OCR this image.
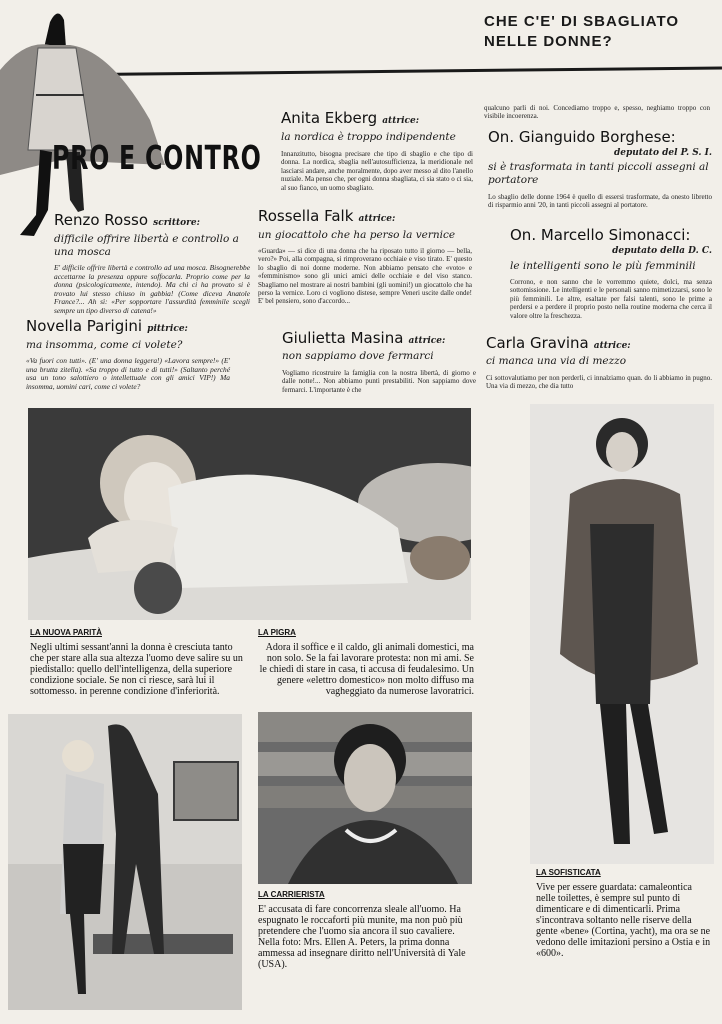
CHE C'E' DI SBAGLIATO
NELLE DONNE?
PRO E CONTRO
Renzo Rosso scrittore:
difficile offrire libertà e controllo a una mosca
E' difficile offrire libertà e controllo ad una mosca. Bisognerebbe accettarne la presenza oppure soffocarla. Proprio come per la donna (psicologicamente, intendo). Ma chi ci ha provato si è trovato lui stesso chiuso in gabbia! (Come diceva Anatole France?... Ah sì: «Per sopportare l'assurdità femminile scegli sempre un tipo diverso di catena!»
Novella Parigini pittrice:
ma insomma, come ci volete?
«Va fuori con tutti». (E' una donna leggera!) «Lavora sempre!» (E' una brutta zitella). «Sa troppo di tutto e di tutti!» (Saltanto perché usa un tono salottiero o intellettuale con gli amici VIP!) Ma insomma, uomini cari, come ci volete?
Anita Ekberg attrice:
la nordica è troppo indipendente
Innanzitutto, bisogna precisare che tipo di sbaglio e che tipo di donna. La nordica, sbaglia nell'autosufficienza, la meridionale nel lasciarsi andare, anche moralmente, dopo aver messo al dito l'anello nuziale. Ma penso che, per ogni donna sbagliata, ci sia stato o ci sia, al suo fianco, un uomo sbagliato.
Rossella Falk attrice:
un giocattolo che ha perso la vernice
«Guarda» — si dice di una donna che ha riposato tutto il giorno — bella, vero?» Poi, alla compagna, si rimproverano occhiaie e viso tirato. E' questo lo sbaglio di noi donne moderne. Non abbiamo pensato che «voto» e «femminismo» sono gli unici amici delle occhiaie e del viso stanco. Sbagliamo nel mostrare ai nostri bambini (gli uomini!) un giocattolo che ha perso la vernice. Loro ci vogliono distese, sempre Veneri uscite dalle onde! E' bel pensiero, sono d'accordo...
Giulietta Masina attrice:
non sappiamo dove fermarci
Vogliamo ricostruire la famiglia con la nostra libertà, di giorno e dalle notte!... Non abbiamo punti prestabiliti. Non sappiamo dove fermarci. L'importante è che
qualcuno parli di noi. Concediamo troppo e, spesso, neghiamo troppo con visibile incoerenza.
On. Gianguido Borghese:
deputato del P. S. I.
si è trasformata in tanti piccoli assegni al portatore
Lo sbaglio delle donne 1964 è quello di essersi trasformate, da onesto libretto di risparmio anni '20, in tanti piccoli assegni al portatore.
On. Marcello Simonacci:
deputato della D. C.
le intelligenti sono le più femminili
Corrono, e non sanno che le vorremmo quiete, dolci, ma senza sottomissione. Le intelligenti e le personali sanno mimetizzarsi, sono le più femminili. Le altre, esaltate per falsi talenti, sono le prime a perdersi e a perdere il proprio posto nella routine moderna che cerca il valore oltre la freschezza.
Carla Gravina attrice:
ci manca una via di mezzo
Ci sottovalutiamo per non perderli, ci innalziamo quan. do li abbiamo in pugno. Una via di mezzo, che dia tutto
LA NUOVA PARITÀ
Negli ultimi sessant'anni la donna è cresciuta tanto che per stare alla sua altezza l'uomo deve salire su un piedistallo: quello dell'intelligenza, della superiore condizione sociale. Se non ci riesce, sarà lui il sottomesso. in perenne condizione d'inferiorità.
LA PIGRA
Adora il soffice e il caldo, gli animali domestici, ma non solo. Se la fai lavorare protesta: non mi ami. Se le chiedi di stare in casa, ti accusa di feudalesimo. Un genere «elettro domestico» non molto diffuso ma vagheggiato da numerose lavoratrici.
LA CARRIERISTA
E' accusata di fare concorrenza sleale all'uomo. Ha espugnato le roccaforti più munite, ma non può più pretendere che l'uomo sia ancora il suo cavaliere. Nella foto: Mrs. Ellen A. Peters, la prima donna ammessa ad insegnare diritto nell'Università di Yale (USA).
LA SOFISTICATA
Vive per essere guardata: camaleontica nelle toilettes, è sempre sul punto di dimenticare e di dimenticarli. Prima s'incontrava soltanto nelle riserve della gente «bene» (Cortina, yacht), ma ora se ne vedono delle imitazioni persino a Ostia e in «600».
